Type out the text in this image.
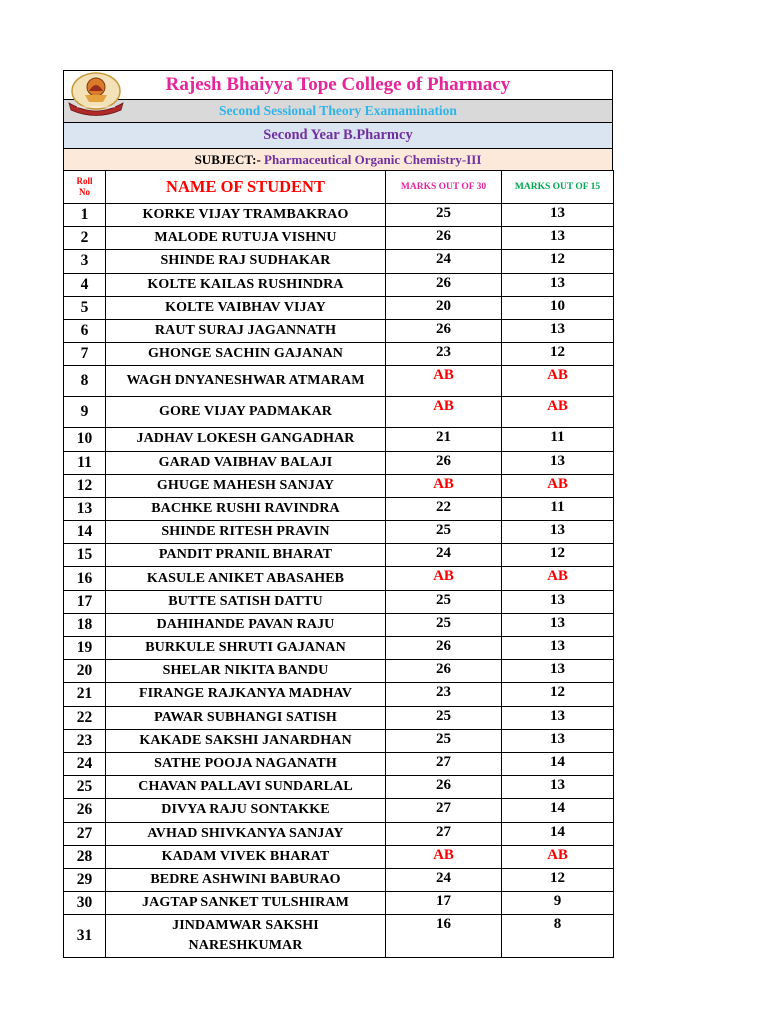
Rajesh Bhaiyya Tope College of Pharmacy
Second Sessional Theory Examamination
Second Year B.Pharmcy
SUBJECT:- Pharmaceutical Organic Chemistry-III
Roll
No	NAME OF STUDENT	MARKS OUT OF 30	MARKS OUT OF 15
1	KORKE VIJAY TRAMBAKRAO	25	13
2	MALODE RUTUJA VISHNU	26	13
3	SHINDE RAJ SUDHAKAR	24	12
4	KOLTE KAILAS RUSHINDRA	26	13
5	KOLTE VAIBHAV VIJAY	20	10
6	RAUT SURAJ JAGANNATH	26	13
7	GHONGE SACHIN GAJANAN	23	12
8	WAGH DNYANESHWAR ATMARAM	AB	AB
9	GORE VIJAY PADMAKAR	AB	AB
10	JADHAV LOKESH GANGADHAR	21	11
11	GARAD VAIBHAV BALAJI	26	13
12	GHUGE MAHESH SANJAY	AB	AB
13	BACHKE RUSHI RAVINDRA	22	11
14	SHINDE RITESH PRAVIN	25	13
15	PANDIT PRANIL BHARAT	24	12
16	KASULE ANIKET ABASAHEB	AB	AB
17	BUTTE SATISH DATTU	25	13
18	DAHIHANDE PAVAN RAJU	25	13
19	BURKULE SHRUTI GAJANAN	26	13
20	SHELAR NIKITA BANDU	26	13
21	FIRANGE RAJKANYA MADHAV	23	12
22	PAWAR SUBHANGI SATISH	25	13
23	KAKADE SAKSHI JANARDHAN	25	13
24	SATHE POOJA NAGANATH	27	14
25	CHAVAN PALLAVI SUNDARLAL	26	13
26	DIVYA RAJU SONTAKKE	27	14
27	AVHAD SHIVKANYA SANJAY	27	14
28	KADAM VIVEK BHARAT	AB	AB
29	BEDRE ASHWINI BABURAO	24	12
30	JAGTAP SANKET TULSHIRAM	17	9
31	JINDAMWAR SAKSHI
NARESHKUMAR	16	8
